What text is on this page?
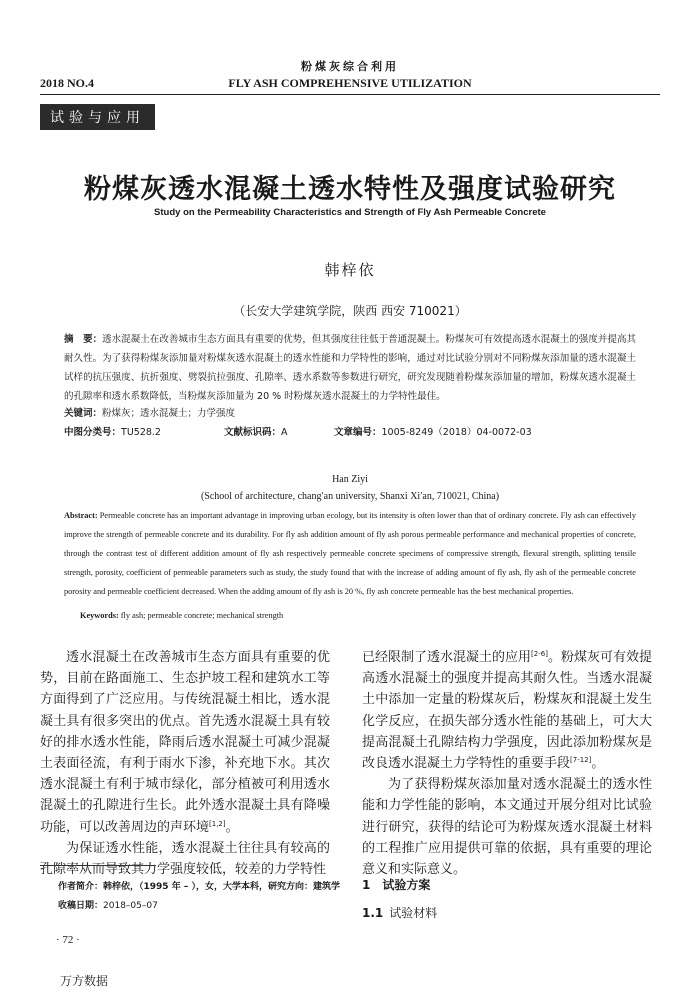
粉煤灰综合利用
2018 NO.4	FLY ASH COMPREHENSIVE UTILIZATION
试验与应用
粉煤灰透水混凝土透水特性及强度试验研究
Study on the Permeability Characteristics and Strength of Fly Ash Permeable Concrete
韩梓依
（长安大学建筑学院，陕西 西安 710021）
摘　要：透水混凝土在改善城市生态方面具有重要的优势，但其强度往往低于普通混凝土。粉煤灰可有效提高透水混凝土的强度并提高其耐久性。为了获得粉煤灰添加量对粉煤灰透水混凝土的透水性能和力学特性的影响，通过对比试验分别对不同粉煤灰添加量的透水混凝土试样的抗压强度、抗折强度、劈裂抗拉强度、孔隙率、透水系数等参数进行研究，研究发现随着粉煤灰添加量的增加，粉煤灰透水混凝土的孔隙率和透水系数降低，当粉煤灰添加量为 20 % 时粉煤灰透水混凝土的力学特性最佳。
关键词：粉煤灰；透水混凝土；力学强度
中图分类号：TU528.2	文献标识码：A	文章编号：1005-8249（2018）04-0072-03
Han Ziyi
(School of architecture, chang′an university, Shanxi Xi′an, 710021, China)
Abstract: Permeable concrete has an important advantage in improving urban ecology, but its intensity is often lower than that of ordinary concrete. Fly ash can effectively improve the strength of permeable concrete and its durability. For fly ash addition amount of fly ash porous permeable performance and mechanical properties of concrete, through the contrast test of different addition amount of fly ash respectively permeable concrete specimens of compressive strength, flexural strength, splitting tensile strength, porosity, coefficient of permeable parameters such as study, the study found that with the increase of adding amount of fly ash, fly ash of the permeable concrete porosity and permeable coefficient decreased. When the adding amount of fly ash is 20 %, fly ash concrete permeable has the best mechanical properties.
Keywords: fly ash; permeable concrete; mechanical strength

透水混凝土在改善城市生态方面具有重要的优势，目前在路面施工、生态护坡工程和建筑水工等方面得到了广泛应用。与传统混凝土相比，透水混凝土具有很多突出的优点。首先透水混凝土具有较好的排水透水性能，降雨后透水混凝土可减少混凝土表面径流，有利于雨水下渗，补充地下水。其次透水混凝土有利于城市绿化，部分植被可利用透水混凝土的孔隙进行生长。此外透水混凝土具有降噪功能，可以改善周边的声环境[1,2]。

为保证透水性能，透水混凝土往往具有较高的孔隙率从而导致其力学强度较低，较差的力学特性

已经限制了透水混凝土的应用[2-6]。粉煤灰可有效提高透水混凝土的强度并提高其耐久性。当透水混凝土中添加一定量的粉煤灰后，粉煤灰和混凝土发生化学反应，在损失部分透水性能的基础上，可大大提高混凝土孔隙结构力学强度，因此添加粉煤灰是改良透水混凝土力学特性的重要手段[7-12]。

为了获得粉煤灰添加量对透水混凝土的透水性能和力学性能的影响，本文通过开展分组对比试验进行研究，获得的结论可为粉煤灰透水混凝土材料的工程推广应用提供可靠的依据，具有重要的理论意义和实际意义。

作者简介：韩梓依，（1995 年 – ），女，大学本科，研究方向：建筑学
收稿日期：2018–05–07
· 72 ·
1　试验方案
1.1 试验材料
万方数据
